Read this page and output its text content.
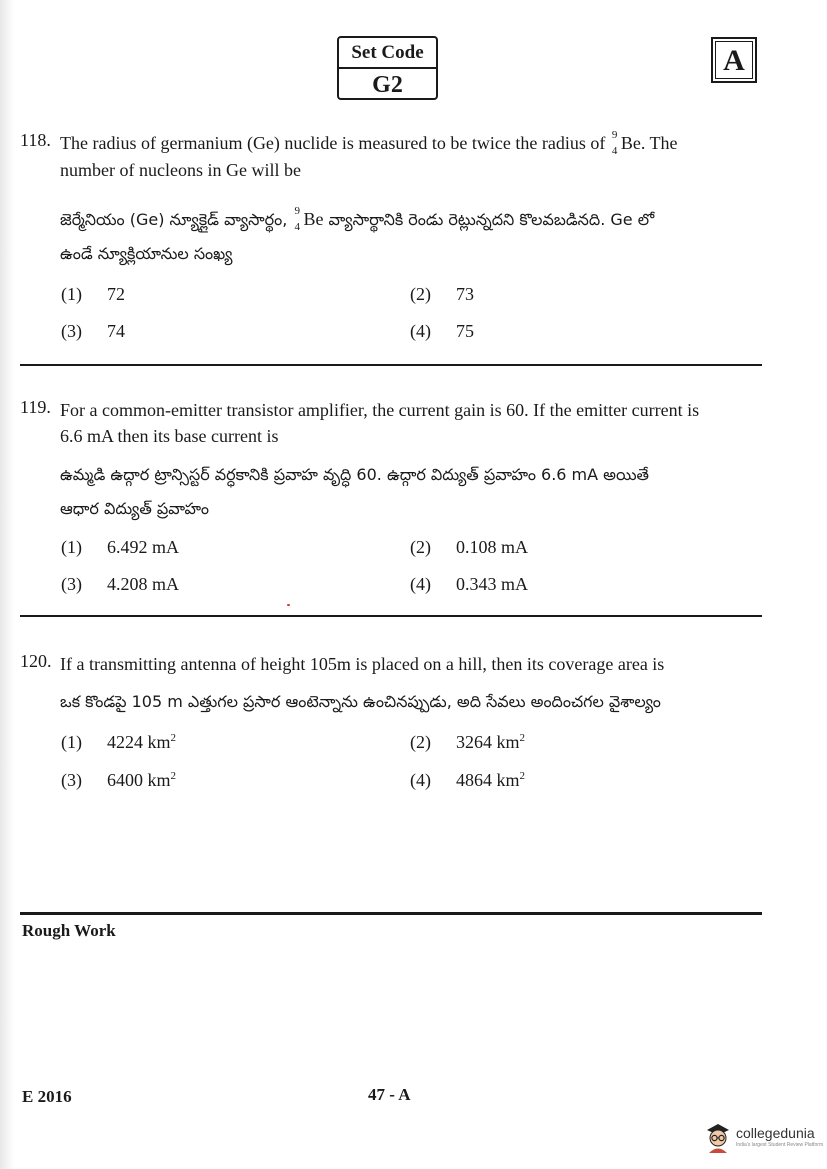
Set Code
G2
A
118. The radius of germanium (Ge) nuclide is measured to be twice the radius of 9
4 Be. The
number of nucleons in Ge will be
జెర్మేనియం (Ge) న్యూక్లైడ్ వ్యాసార్థం, 9
4 Be వ్యాసార్థానికి రెండు రెట్లున్నదని కొలవబడినది. Ge లో
ఉండే న్యూక్లియానుల సంఖ్య
(1) 72	(2) 73
(3) 74	(4) 75
119. For a common-emitter transistor amplifier, the current gain is 60. If the emitter current is
6.6 mA then its base current is
ఉమ్మడి ఉద్గార ట్రాన్సిస్టర్ వర్ధకానికి ప్రవాహ వృద్ధి 60. ఉద్గార విద్యుత్ ప్రవాహం 6.6 mA అయితే
ఆధార విద్యుత్ ప్రవాహం
(1) 6.492 mA	(2) 0.108 mA
(3) 4.208 mA	(4) 0.343 mA
120. If a transmitting antenna of height 105m is placed on a hill, then its coverage area is
ఒక కొండపై 105 m ఎత్తుగల ప్రసార ఆంటెన్నాను ఉంచినప్పుడు, అది సేవలు అందించగల వైశాల్యం
(1) 4224 $km^2$	(2) 3264 $km^2$
(3) 6400 $km^2$	(4) 4864 $km^2$
Rough Work
E 2016	47 - A
collegedunia
India's largest Student Review Platform
